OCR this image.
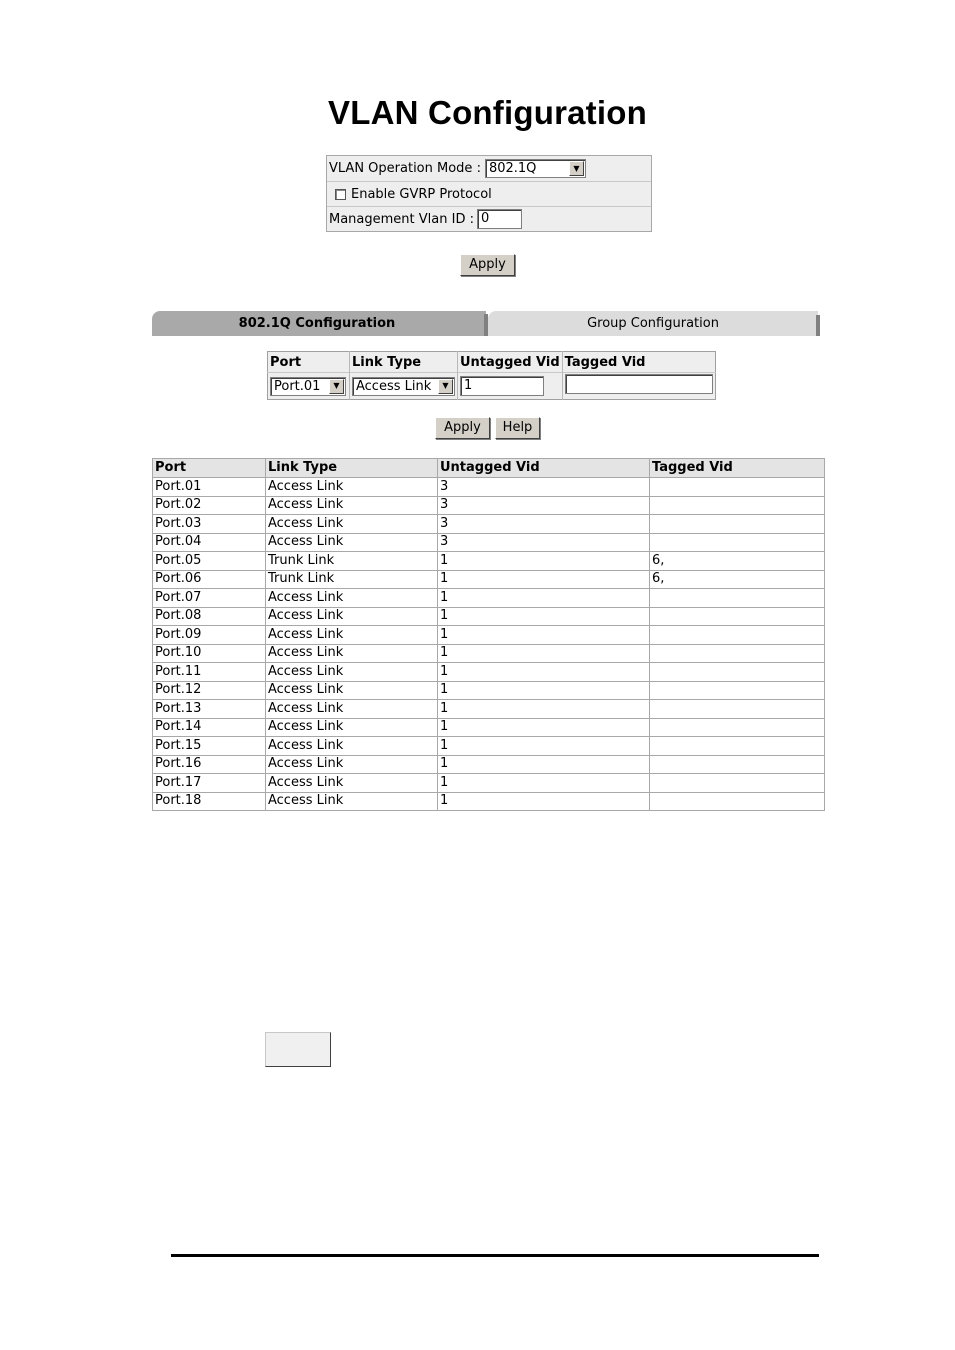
VLAN Configuration
VLAN Operation Mode : 802.1Q	▼
Enable GVRP Protocol
Management Vlan ID : 0
Apply
802.1Q Configuration	Group Configuration
Port	Link Type	Untagged Vid	Tagged Vid

Port.01 ▼	Access Link ▼	1	
Apply	Help
Port	Link Type	Untagged Vid	Tagged Vid
Port.01	Access Link	3	
Port.02	Access Link	3	
Port.03	Access Link	3	
Port.04	Access Link	3	
Port.05	Trunk Link	1	6,
Port.06	Trunk Link	1	6,
Port.07	Access Link	1	
Port.08	Access Link	1	
Port.09	Access Link	1	
Port.10	Access Link	1	
Port.11	Access Link	1	
Port.12	Access Link	1	
Port.13	Access Link	1	
Port.14	Access Link	1	
Port.15	Access Link	1	
Port.16	Access Link	1	
Port.17	Access Link	1	
Port.18	Access Link	1	
